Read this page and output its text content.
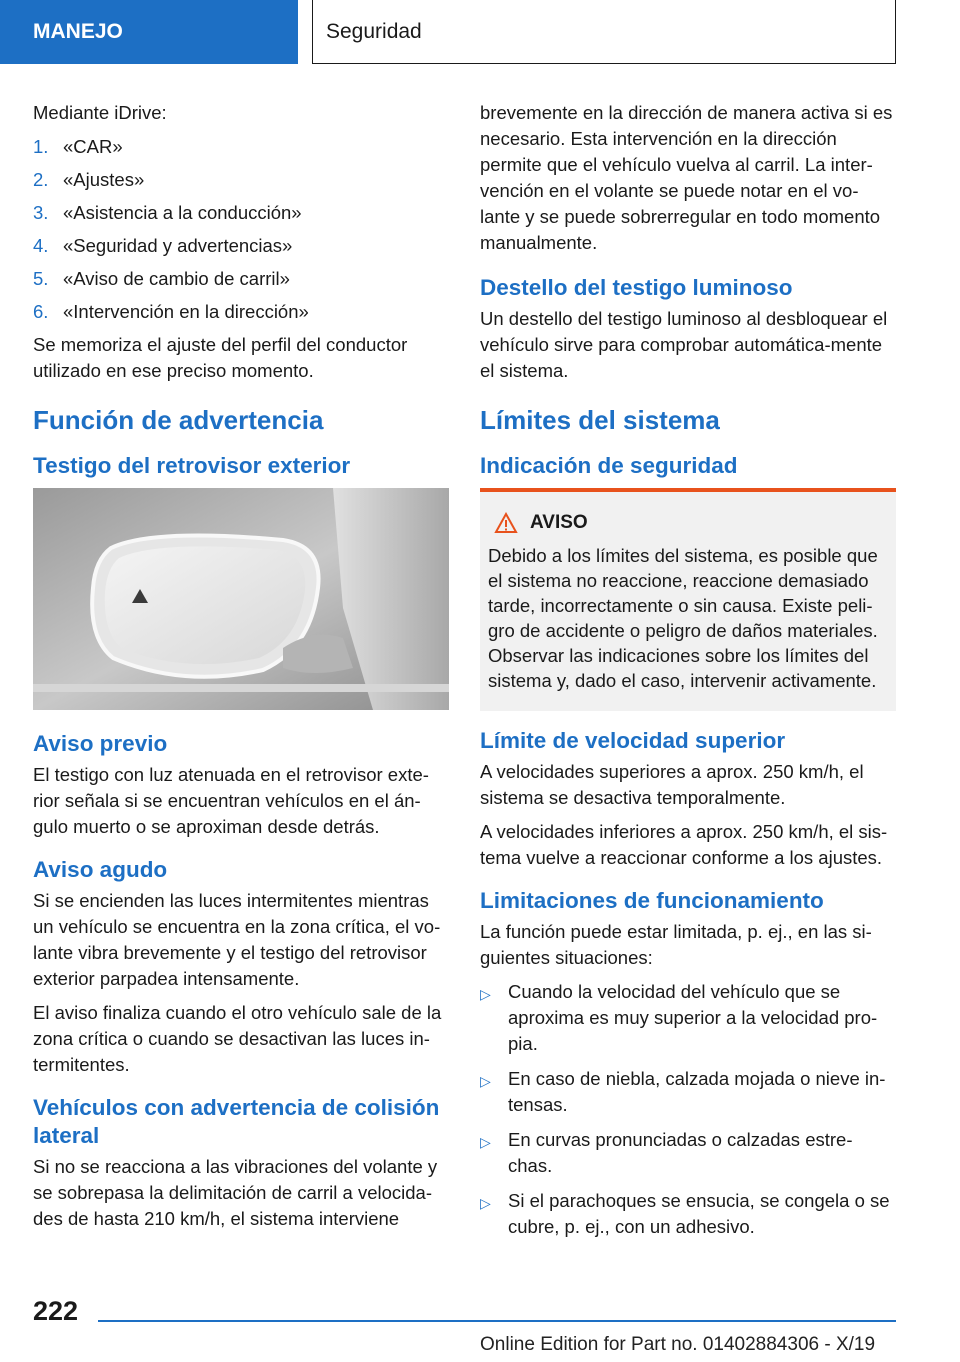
MANEJO	Seguridad

Mediante iDrive:

1. «CAR»
2. «Ajustes»
3. «Asistencia a la conducción»
4. «Seguridad y advertencias»
5. «Aviso de cambio de carril»
6. «Intervención en la dirección»

Se memoriza el ajuste del perfil del conductor utilizado en ese preciso momento.

Función de advertencia
Testigo del retrovisor exterior
Aviso previo

El testigo con luz atenuada en el retrovisor exte-rior señala si se encuentran vehículos en el án-gulo muerto o se aproximan desde detrás.

Aviso agudo

Si se encienden las luces intermitentes mientras un vehículo se encuentra en la zona crítica, el vo-lante vibra brevemente y el testigo del retrovisor exterior parpadea intensamente.

El aviso finaliza cuando el otro vehículo sale de la zona crítica o cuando se desactivan las luces in-termitentes.

Vehículos con advertencia de colisión lateral

Si no se reacciona a las vibraciones del volante y se sobrepasa la delimitación de carril a velocida-des de hasta 210 km/h, el sistema interviene

brevemente en la dirección de manera activa si es necesario. Esta intervención en la dirección permite que el vehículo vuelva al carril. La inter-vención en el volante se puede notar en el vo-lante y se puede sobrerregular en todo momento manualmente.

Destello del testigo luminoso

Un destello del testigo luminoso al desbloquear el vehículo sirve para comprobar automática-mente el sistema.

Límites del sistema
Indicación de seguridad
AVISO
Debido a los límites del sistema, es posible que el sistema no reaccione, reaccione demasiado tarde, incorrectamente o sin causa. Existe peli-gro de accidente o peligro de daños materiales. Observar las indicaciones sobre los límites del sistema y, dado el caso, intervenir activamente.
Límite de velocidad superior

A velocidades superiores a aprox. 250 km/h, el sistema se desactiva temporalmente.

A velocidades inferiores a aprox. 250 km/h, el sis-tema vuelve a reaccionar conforme a los ajustes.

Limitaciones de funcionamiento

La función puede estar limitada, p. ej., en las si-guientes situaciones:

▷ Cuando la velocidad del vehículo que se aproxima es muy superior a la velocidad pro-pia.
▷ En caso de niebla, calzada mojada o nieve in-tensas.
▷ En curvas pronunciadas o calzadas estre-chas.
▷ Si el parachoques se ensucia, se congela o se cubre, p. ej., con un adhesivo.
222
Online Edition for Part no. 01402884306 - X/19
